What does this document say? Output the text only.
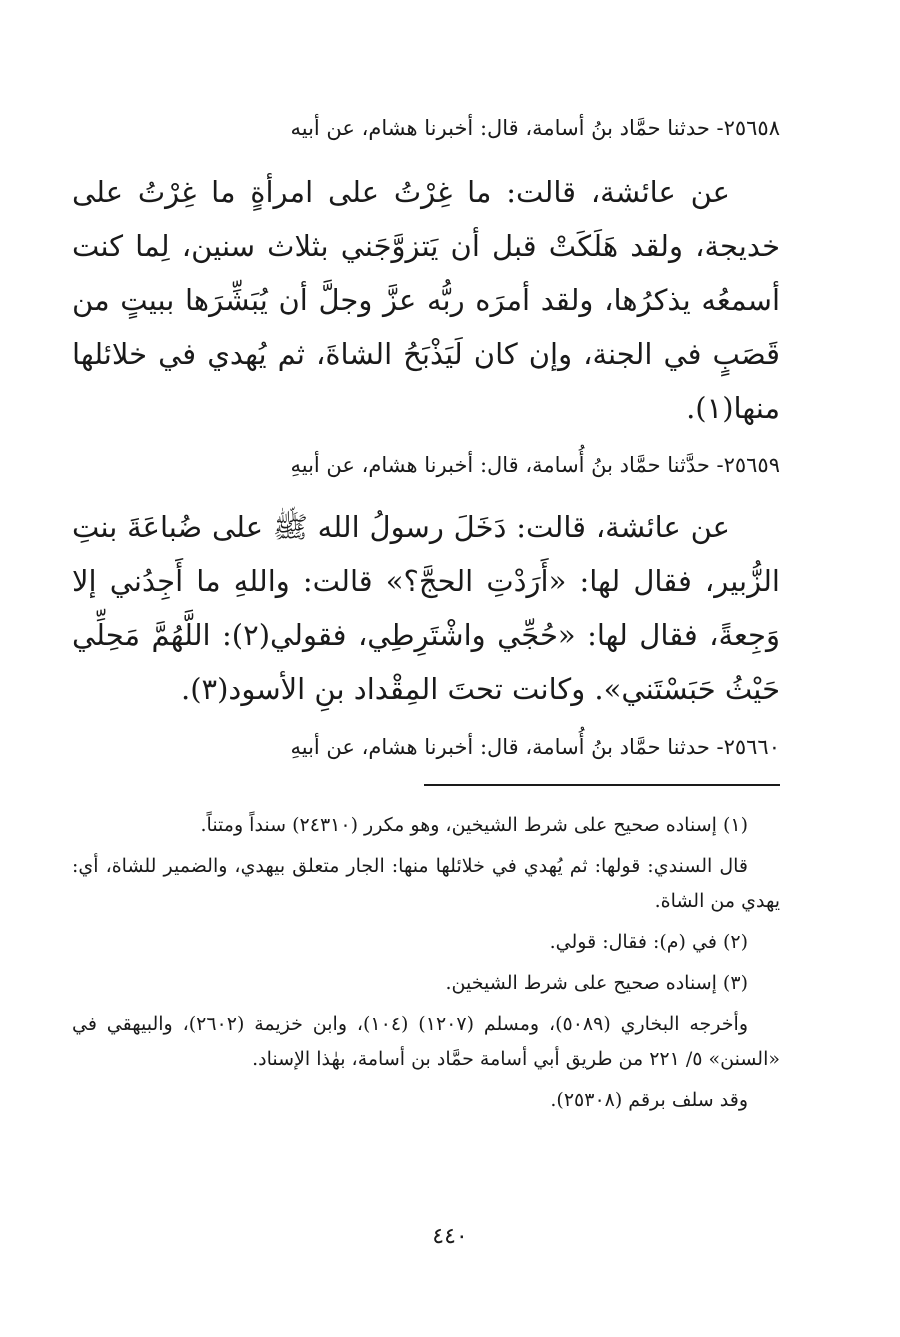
٢٥٦٥٨- حدثنا حمَّاد بنُ أسامة، قال: أخبرنا هشام، عن أبيه

عن عائشة، قالت: ما غِرْتُ على امرأةٍ ما غِرْتُ على خديجة، ولقد هَلَكَتْ قبل أن يَتزوَّجَني بثلاث سنين، لِما كنت أسمعُه يذكرُها، ولقد أمرَه ربُّه عزَّ وجلَّ أن يُبَشِّرَها ببيتٍ من قَصَبٍ في الجنة، وإن كان لَيَذْبَحُ الشاةَ، ثم يُهدي في خلائلها منها(١).

٢٥٦٥٩- حدَّثنا حمَّاد بنُ أُسامة، قال: أخبرنا هشام، عن أبيهِ

عن عائشة، قالت: دَخَلَ رسولُ الله ﷺ على ضُباعَةَ بنتِ الزُّبير، فقال لها: «أَرَدْتِ الحجَّ؟» قالت: واللهِ ما أَجِدُني إلا وَجِعةً، فقال لها: «حُجِّي واشْتَرِطِي، فقولي(٢): اللَّهُمَّ مَحِلِّي حَيْثُ حَبَسْتَني». وكانت تحتَ المِقْداد بنِ الأسود(٣).

٢٥٦٦٠- حدثنا حمَّاد بنُ أُسامة، قال: أخبرنا هشام، عن أبيهِ

(١) إسناده صحيح على شرط الشيخين، وهو مكرر (٢٤٣١٠) سنداً ومتناً.

قال السندي: قولها: ثم يُهدي في خلائلها منها: الجار متعلق بيهدي، والضمير للشاة، أي: يهدي من الشاة.

(٢) في (م): فقال: قولي.

(٣) إسناده صحيح على شرط الشيخين.

وأخرجه البخاري (٥٠٨٩)، ومسلم (١٢٠٧) (١٠٤)، وابن خزيمة (٢٦٠٢)، والبيهقي في «السنن» ٥/ ٢٢١ من طريق أبي أسامة حمَّاد بن أسامة، بهٰذا الإسناد.

وقد سلف برقم (٢٥٣٠٨).

٤٤٠
